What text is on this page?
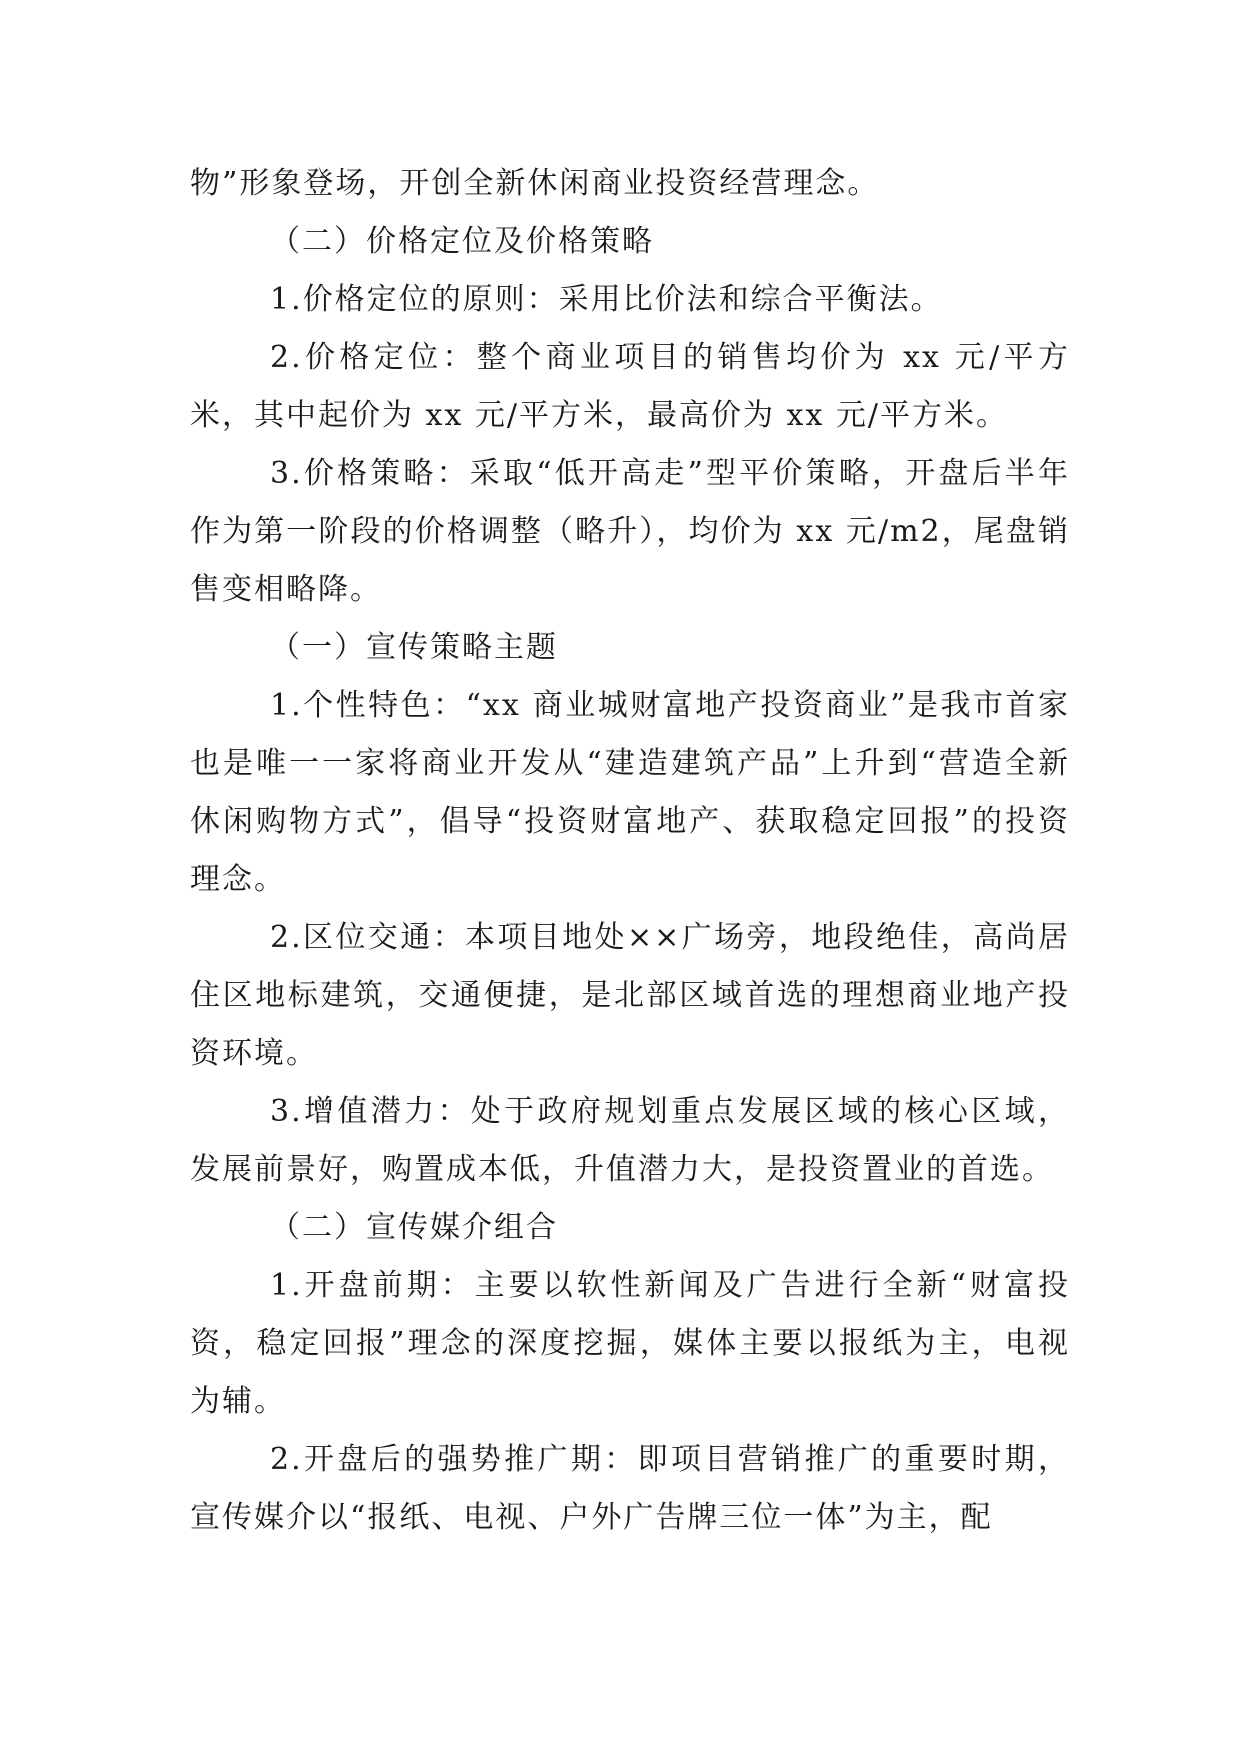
物”形象登场，开创全新休闲商业投资经营理念。

（二）价格定位及价格策略

1.价格定位的原则：采用比价法和综合平衡法。

2.价格定位：整个商业项目的销售均价为 xx 元/平方米，其中起价为 xx 元/平方米，最高价为 xx 元/平方米。

3.价格策略：采取“低开高走”型平价策略，开盘后半年作为第一阶段的价格调整（略升），均价为 xx 元/m2，尾盘销售变相略降。

（一）宣传策略主题

1.个性特色：“xx 商业城财富地产投资商业”是我市首家也是唯一一家将商业开发从“建造建筑产品”上升到“营造全新休闲购物方式”，倡导“投资财富地产、获取稳定回报”的投资理念。

2.区位交通：本项目地处××广场旁，地段绝佳，高尚居住区地标建筑，交通便捷，是北部区域首选的理想商业地产投资环境。

3.增值潜力：处于政府规划重点发展区域的核心区域，发展前景好，购置成本低，升值潜力大，是投资置业的首选。

（二）宣传媒介组合

1.开盘前期：主要以软性新闻及广告进行全新“财富投资，稳定回报”理念的深度挖掘，媒体主要以报纸为主，电视为辅。

2.开盘后的强势推广期：即项目营销推广的重要时期，宣传媒介以“报纸、电视、户外广告牌三位一体”为主，配
